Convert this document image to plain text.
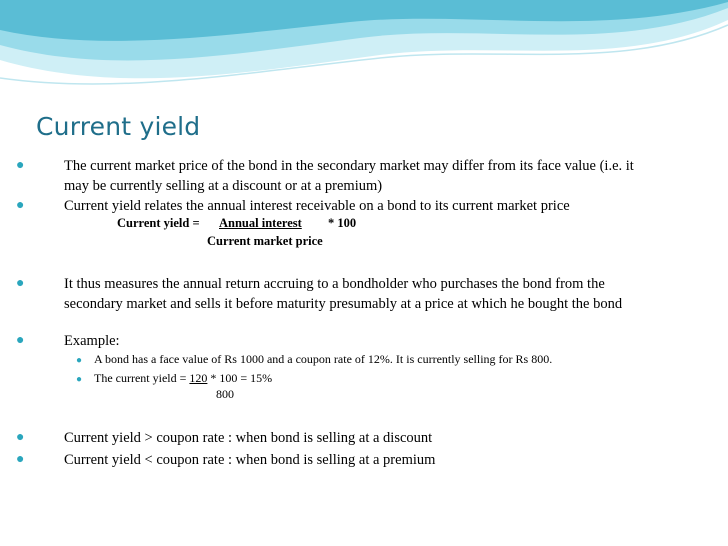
Current yield
●	The current market price of the bond in the secondary market may differ from its face value (i.e. it
may be currently selling at a discount or at a premium)
●	Current yield relates the annual interest receivable on a bond to its current market price
Current yield = Annual interest * 100
Current market price
●	It thus measures the annual return accruing to a bondholder who purchases the bond from the
secondary market and sells it before maturity presumably at a price at which he bought the bond
●	Example:
● A bond has a face value of Rs 1000 and a coupon rate of 12%. It is currently selling for Rs 800.
● The current yield = 120 * 100 = 15%
800
●	Current yield > coupon rate : when bond is selling at a discount
●	Current yield < coupon rate : when bond is selling at a premium
